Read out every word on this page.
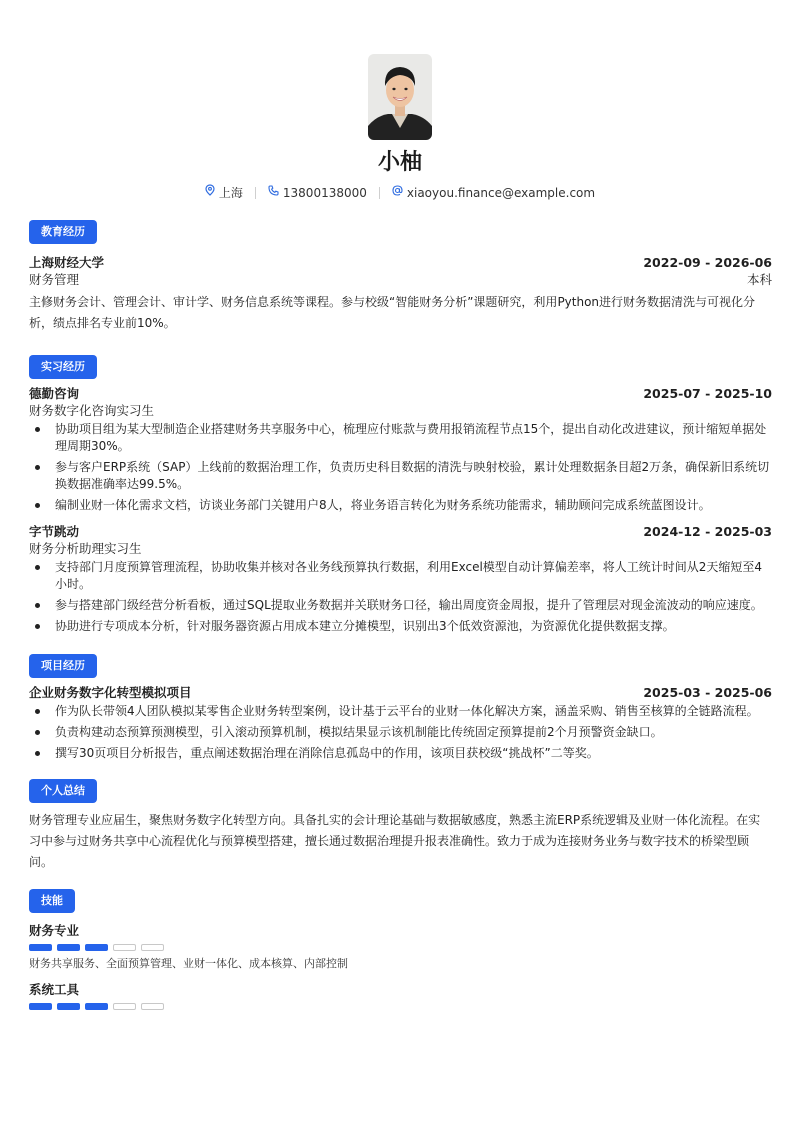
小柚
上海	13800138000	xiaoyou.finance@example.com
教育经历
上海财经大学	2022-09 - 2026-06
财务管理	本科
主修财务会计、管理会计、审计学、财务信息系统等课程。参与校级“智能财务分析”课题研究，利用Python进行财务数据清洗与可视化分析，绩点排名专业前10%。
实习经历
德勤咨询	2025-07 - 2025-10
财务数字化咨询实习生
协助项目组为某大型制造企业搭建财务共享服务中心，梳理应付账款与费用报销流程节点15个，提出自动化改进建议，预计缩短单据处理周期30%。
参与客户ERP系统（SAP）上线前的数据治理工作，负责历史科目数据的清洗与映射校验，累计处理数据条目超2万条，确保新旧系统切换数据准确率达99.5%。
编制业财一体化需求文档，访谈业务部门关键用户8人，将业务语言转化为财务系统功能需求，辅助顾问完成系统蓝图设计。
字节跳动	2024-12 - 2025-03
财务分析助理实习生
支持部门月度预算管理流程，协助收集并核对各业务线预算执行数据，利用Excel模型自动计算偏差率，将人工统计时间从2天缩短至4小时。
参与搭建部门级经营分析看板，通过SQL提取业务数据并关联财务口径，输出周度资金周报，提升了管理层对现金流波动的响应速度。
协助进行专项成本分析，针对服务器资源占用成本建立分摊模型，识别出3个低效资源池，为资源优化提供数据支撑。
项目经历
企业财务数字化转型模拟项目	2025-03 - 2025-06
作为队长带领4人团队模拟某零售企业财务转型案例，设计基于云平台的业财一体化解决方案，涵盖采购、销售至核算的全链路流程。
负责构建动态预算预测模型，引入滚动预算机制，模拟结果显示该机制能比传统固定预算提前2个月预警资金缺口。
撰写30页项目分析报告，重点阐述数据治理在消除信息孤岛中的作用，该项目获校级“挑战杯”二等奖。
个人总结
财务管理专业应届生，聚焦财务数字化转型方向。具备扎实的会计理论基础与数据敏感度，熟悉主流ERP系统逻辑及业财一体化流程。在实习中参与过财务共享中心流程优化与预算模型搭建，擅长通过数据治理提升报表准确性。致力于成为连接财务业务与数字技术的桥梁型顾问。
技能
财务专业
财务共享服务、全面预算管理、业财一体化、成本核算、内部控制
系统工具
